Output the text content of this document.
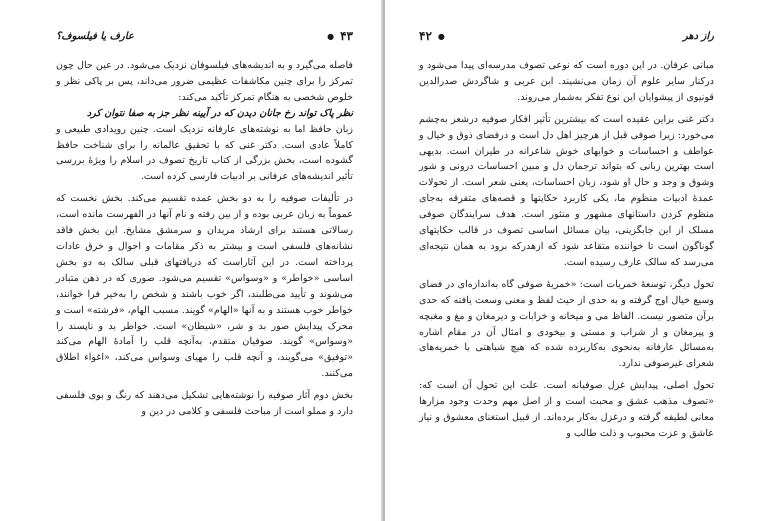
۴۳
●
عارف یا فیلسوف؟

فاصله می‌گیرد و به اندیشه‌های فیلسوفان نزدیک می‌شود. در عین حال چون تمرکز را برای چنین مکاشفات عظیمی ضرور می‌داند، پس بر پاکی نظر و خلوص شخصی به هنگام تمرکز تأکید می‌کند:

نظر پاک تواند رخ جانان دیدن که در آیینه نظر جز به صفا نتوان کرد

زبان حافظ اما به نوشته‌های عارفانه نزدیک است. چنین رویدادی طبیعی و کاملاً عادی است. دکتر غنی که با تحقیق عالمانه را برای شناخت حافظ گشوده است، بخش بزرگی از کتاب تاریخ تصوف در اسلام را ویژهٔ بررسی تأثیر اندیشه‌های عرفانی بر ادبیات فارسی کرده است.

در تألیفات صوفیه را به دو بخش عمده تقسیم می‌کند. بخش نخست که عموماً به زبان عربی بوده و از بین رفته و نام آنها در الفهرست مانده است، رسالاتی هستند برای ارشاد مریدان و سرمشق مشایخ. این بخش فاقد نشانه‌های فلسفی است و بیشتر به ذکر مقامات و احوال و خرق عادات پرداخته است. در این آثاراست که دریافتهای قبلی سالک به دو بخش اساسی «خواطر» و «وسواس» تقسیم می‌شود. صوری که در ذهن متبادر می‌شوند و تأیید می‌طلبند، اگر خوب باشند و شخص را به‌خیر فرا خوانند، خواطر خوب هستند و به آنها «الهام» گویند. مسبب الهام، «فرشته» است و محرک پیدایش صور بد و شر، «شیطان» است. خواطر بد و ناپسند را «وسواس» گویند. صوفیان متقدم، به‌آنچه قلب را آمادهٔ الهام می‌کند «توفیق» می‌گویند، و آنچه قلب را مهیای وسواس می‌کند، «اغواء اطلاق می‌کنند.

بخش دوم آثار صوفیه را نوشته‌هایی تشکیل می‌دهند که رنگ و بوی فلسفی دارد و مملو است از مباحث فلسفی و کلامی در دین و

راز دهر
●
۴۲

مبانی عرفان. در این دوره است که نوعی تصوف مدرسه‌ای پیدا می‌شود و درکنار سایر علوم آن زمان می‌نشیند. ابن عربی و شاگردش صدرالدین قونیوی از پیشوایان این نوع تفکر به‌شمار می‌روند.

دکتر غنی براین عقیده است که بیشترین تأثیر افکار صوفیه درشعر به‌چشم می‌خورد: زیرا صوفی قبل از هرچیز اهل دل است و درفضای ذوق و خیال و عواطف و احساسات و خوابهای خوش شاعرانه در طیران است. بدیهی است بهترین زبانی که بتواند ترجمان دل و مبین احساسات درونی و شور وشوق و وجد و حال او شود، زبان احساسات، یعنی شعر است. از تحولات عمدهٔ ادبیات منظوم ما، یکی کاربرد حکایتها و قصه‌های متفرقه به‌جای منظوم کردن داستانهای مشهور و منثور است. هدف سرایندگان صوفی مسلک از این جابگزینی، بیان مسائل اساسی تصوف در قالب حکایتهای گوناگون است تا خواننده متقاعد شود که ازهدرکه برود به همان نتیجه‌ای می‌رسد که سالک عارف رسیده است.

تحول دیگر، توسعهٔ خمریات است: «خمریهٔ صوفی گاه به‌اندازه‌ای در فضای وسیع خیال اوج گرفته و به حدی از حیث لفظ و معنی وسعت یافته که حدی برآن متصور نیست. الفاظ می و میخانه و خرابات و دیرمغان و مغ و مغبچه و پیرمغان و از شراب و مستی و بیخودی و امثال آن در مقام اشاره به‌مسائل عارفانه به‌نحوی به‌کاربرده شده که هیچ شباهتی با خمریه‌های شعرای غیرصوفی ندارد.

تحول اصلی، پیدایش غزل صوفیانه است. علت این تحول آن است که: «تصوف مذهب عشق و محبت است و از اصل مهم وحدت وجود مزارها معانی لطیفه گرفته و درغزل به‌کار برده‌اند. از قبیل استغنای معشوق و نیاز عاشق و عزت محبوب و ذلت طالب و
